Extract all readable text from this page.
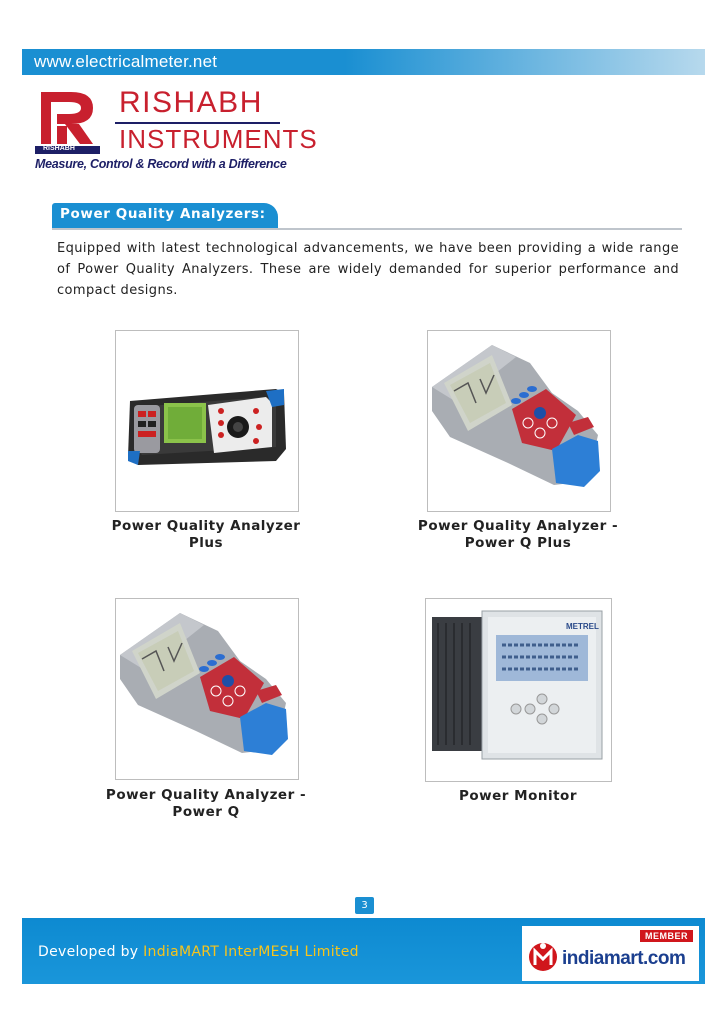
www.electricalmeter.net
RISHABH
RISHABH
INSTRUMENTS
Measure, Control & Record with a Difference
Power Quality Analyzers:
Equipped with latest technological advancements, we have been providing a wide range of Power Quality Analyzers. These are widely demanded for superior performance and compact designs.
Power Quality Analyzer
Plus
Power Quality Analyzer -
Power Q Plus
Power Quality Analyzer -
Power Q
METREL
Power Monitor
3
Developed by IndiaMART InterMESH Limited
MEMBER
indiamart.com
